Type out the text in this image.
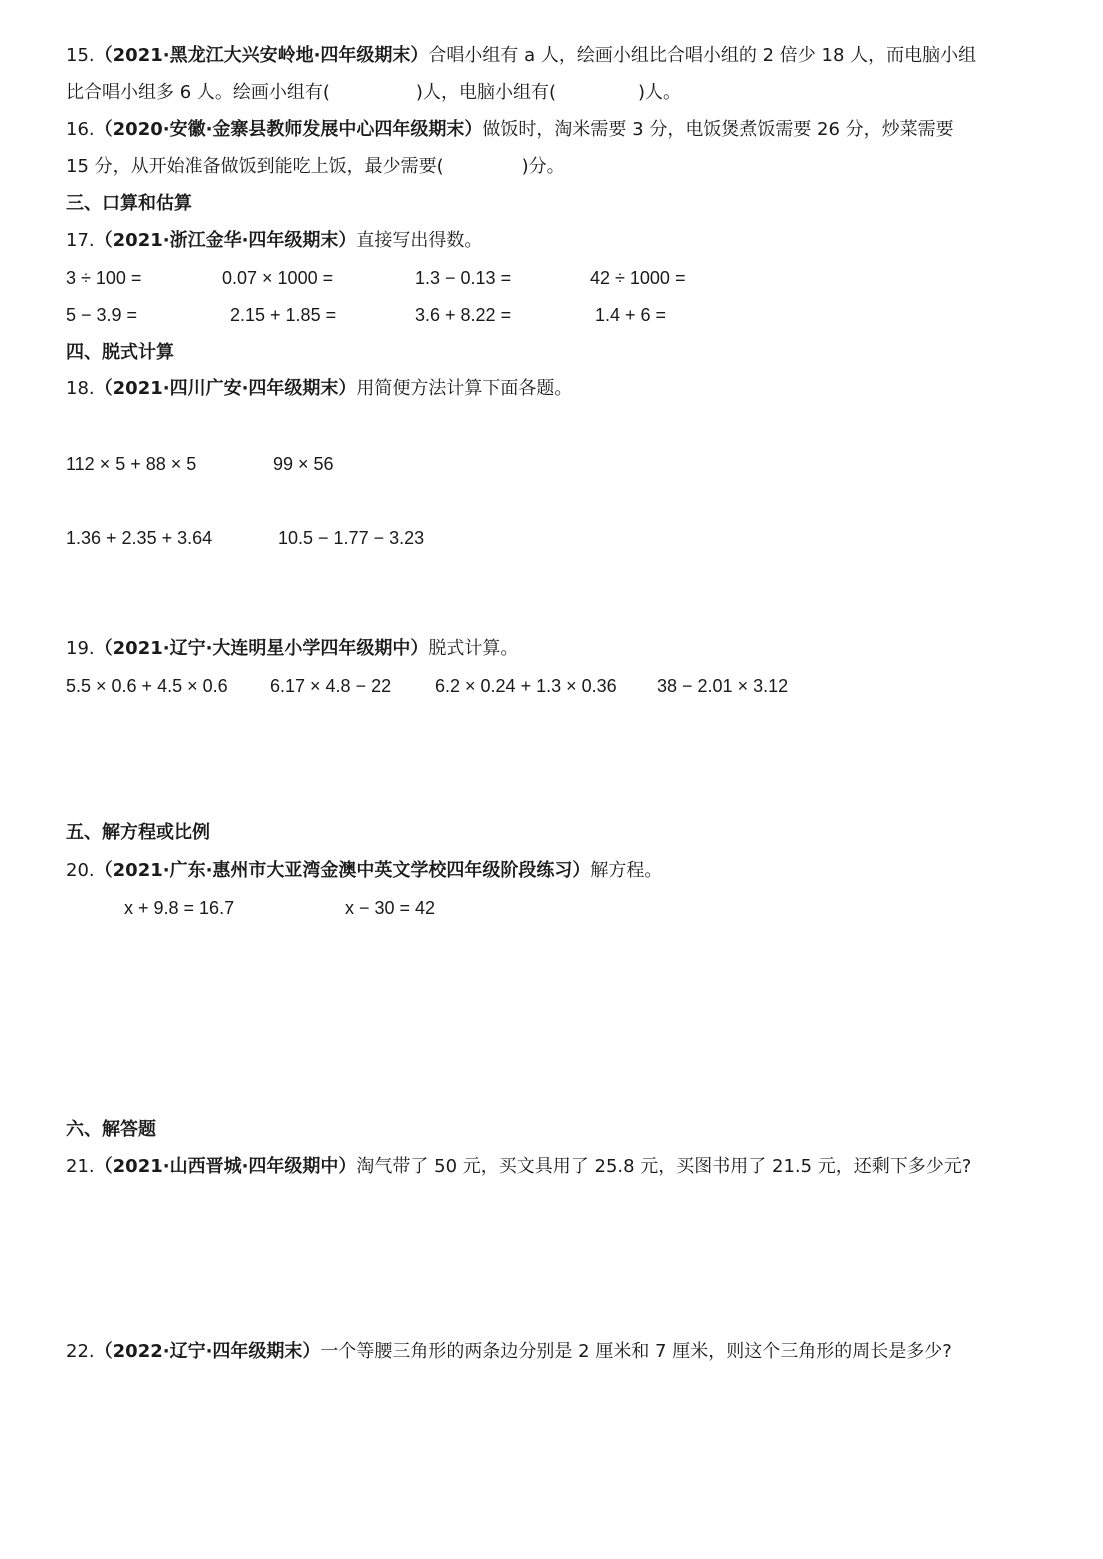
15.（2021·黑龙江大兴安岭地·四年级期末）合唱小组有 a 人，绘画小组比合唱小组的 2 倍少 18 人，而电脑小组
比合唱小组多 6 人。绘画小组有(	)人，电脑小组有(	)人。
16.（2020·安徽·金寨县教师发展中心四年级期末）做饭时，淘米需要 3 分，电饭煲煮饭需要 26 分，炒菜需要
15 分，从开始准备做饭到能吃上饭，最少需要(	)分。
三、口算和估算
17.（2021·浙江金华·四年级期末）直接写出得数。
3 ÷ 100 =	0.07 × 1000 =	1.3 − 0.13 =	42 ÷ 1000 =
5 − 3.9 =	2.15 + 1.85 =	3.6 + 8.22 =	1.4 + 6 =
四、脱式计算
18.（2021·四川广安·四年级期末）用简便方法计算下面各题。
112 × 5 + 88 × 5	99 × 56
1.36 + 2.35 + 3.64	10.5 − 1.77 − 3.23
19.（2021·辽宁·大连明星小学四年级期中）脱式计算。
5.5 × 0.6 + 4.5 × 0.6 6.17 × 4.8 − 22 6.2 × 0.24 + 1.3 × 0.36 38 − 2.01 × 3.12
五、解方程或比例
20.（2021·广东·惠州市大亚湾金澳中英文学校四年级阶段练习）解方程。
x + 9.8 = 16.7	x − 30 = 42
六、解答题
21.（2021·山西晋城·四年级期中）淘气带了 50 元，买文具用了 25.8 元，买图书用了 21.5 元，还剩下多少元?
22.（2022·辽宁·四年级期末）一个等腰三角形的两条边分别是 2 厘米和 7 厘米，则这个三角形的周长是多少?
